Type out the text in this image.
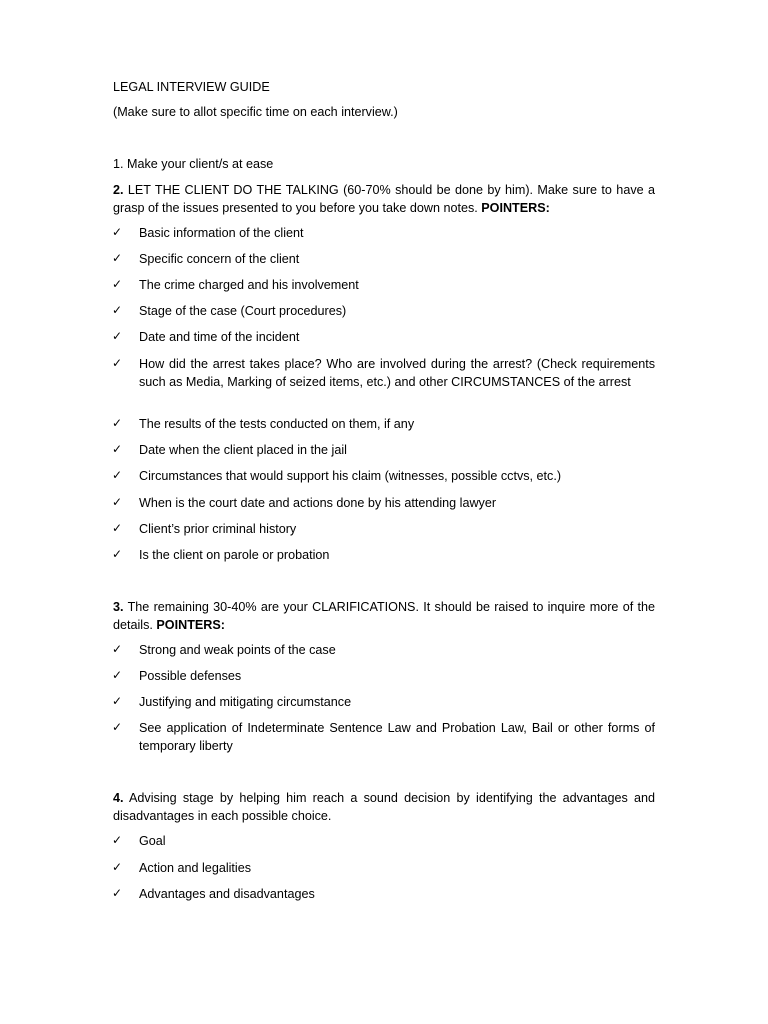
LEGAL INTERVIEW GUIDE

(Make sure to allot specific time on each interview.)

1. Make your client/s at ease

2. LET THE CLIENT DO THE TALKING (60-70% should be done by him). Make sure to have a grasp of the issues presented to you before you take down notes. POINTERS:

✓	Basic information of the client

✓	Specific concern of the client

✓	The crime charged and his involvement

✓	Stage of the case (Court procedures)

✓	Date and time of the incident

✓	How did the arrest takes place? Who are involved during the arrest? (Check requirements such as Media, Marking of seized items, etc.) and other CIRCUMSTANCES of the arrest

✓	The results of the tests conducted on them, if any

✓	Date when the client placed in the jail

✓	Circumstances that would support his claim (witnesses, possible cctvs, etc.)

✓	When is the court date and actions done by his attending lawyer

✓	Client’s prior criminal history

✓	Is the client on parole or probation

3. The remaining 30-40% are your CLARIFICATIONS. It should be raised to inquire more of the details. POINTERS:

✓	Strong and weak points of the case

✓	Possible defenses

✓	Justifying and mitigating circumstance

✓	See application of Indeterminate Sentence Law and Probation Law, Bail or other forms of temporary liberty

4. Advising stage by helping him reach a sound decision by identifying the advantages and disadvantages in each possible choice.

✓	Goal

✓	Action and legalities

✓	Advantages and disadvantages
